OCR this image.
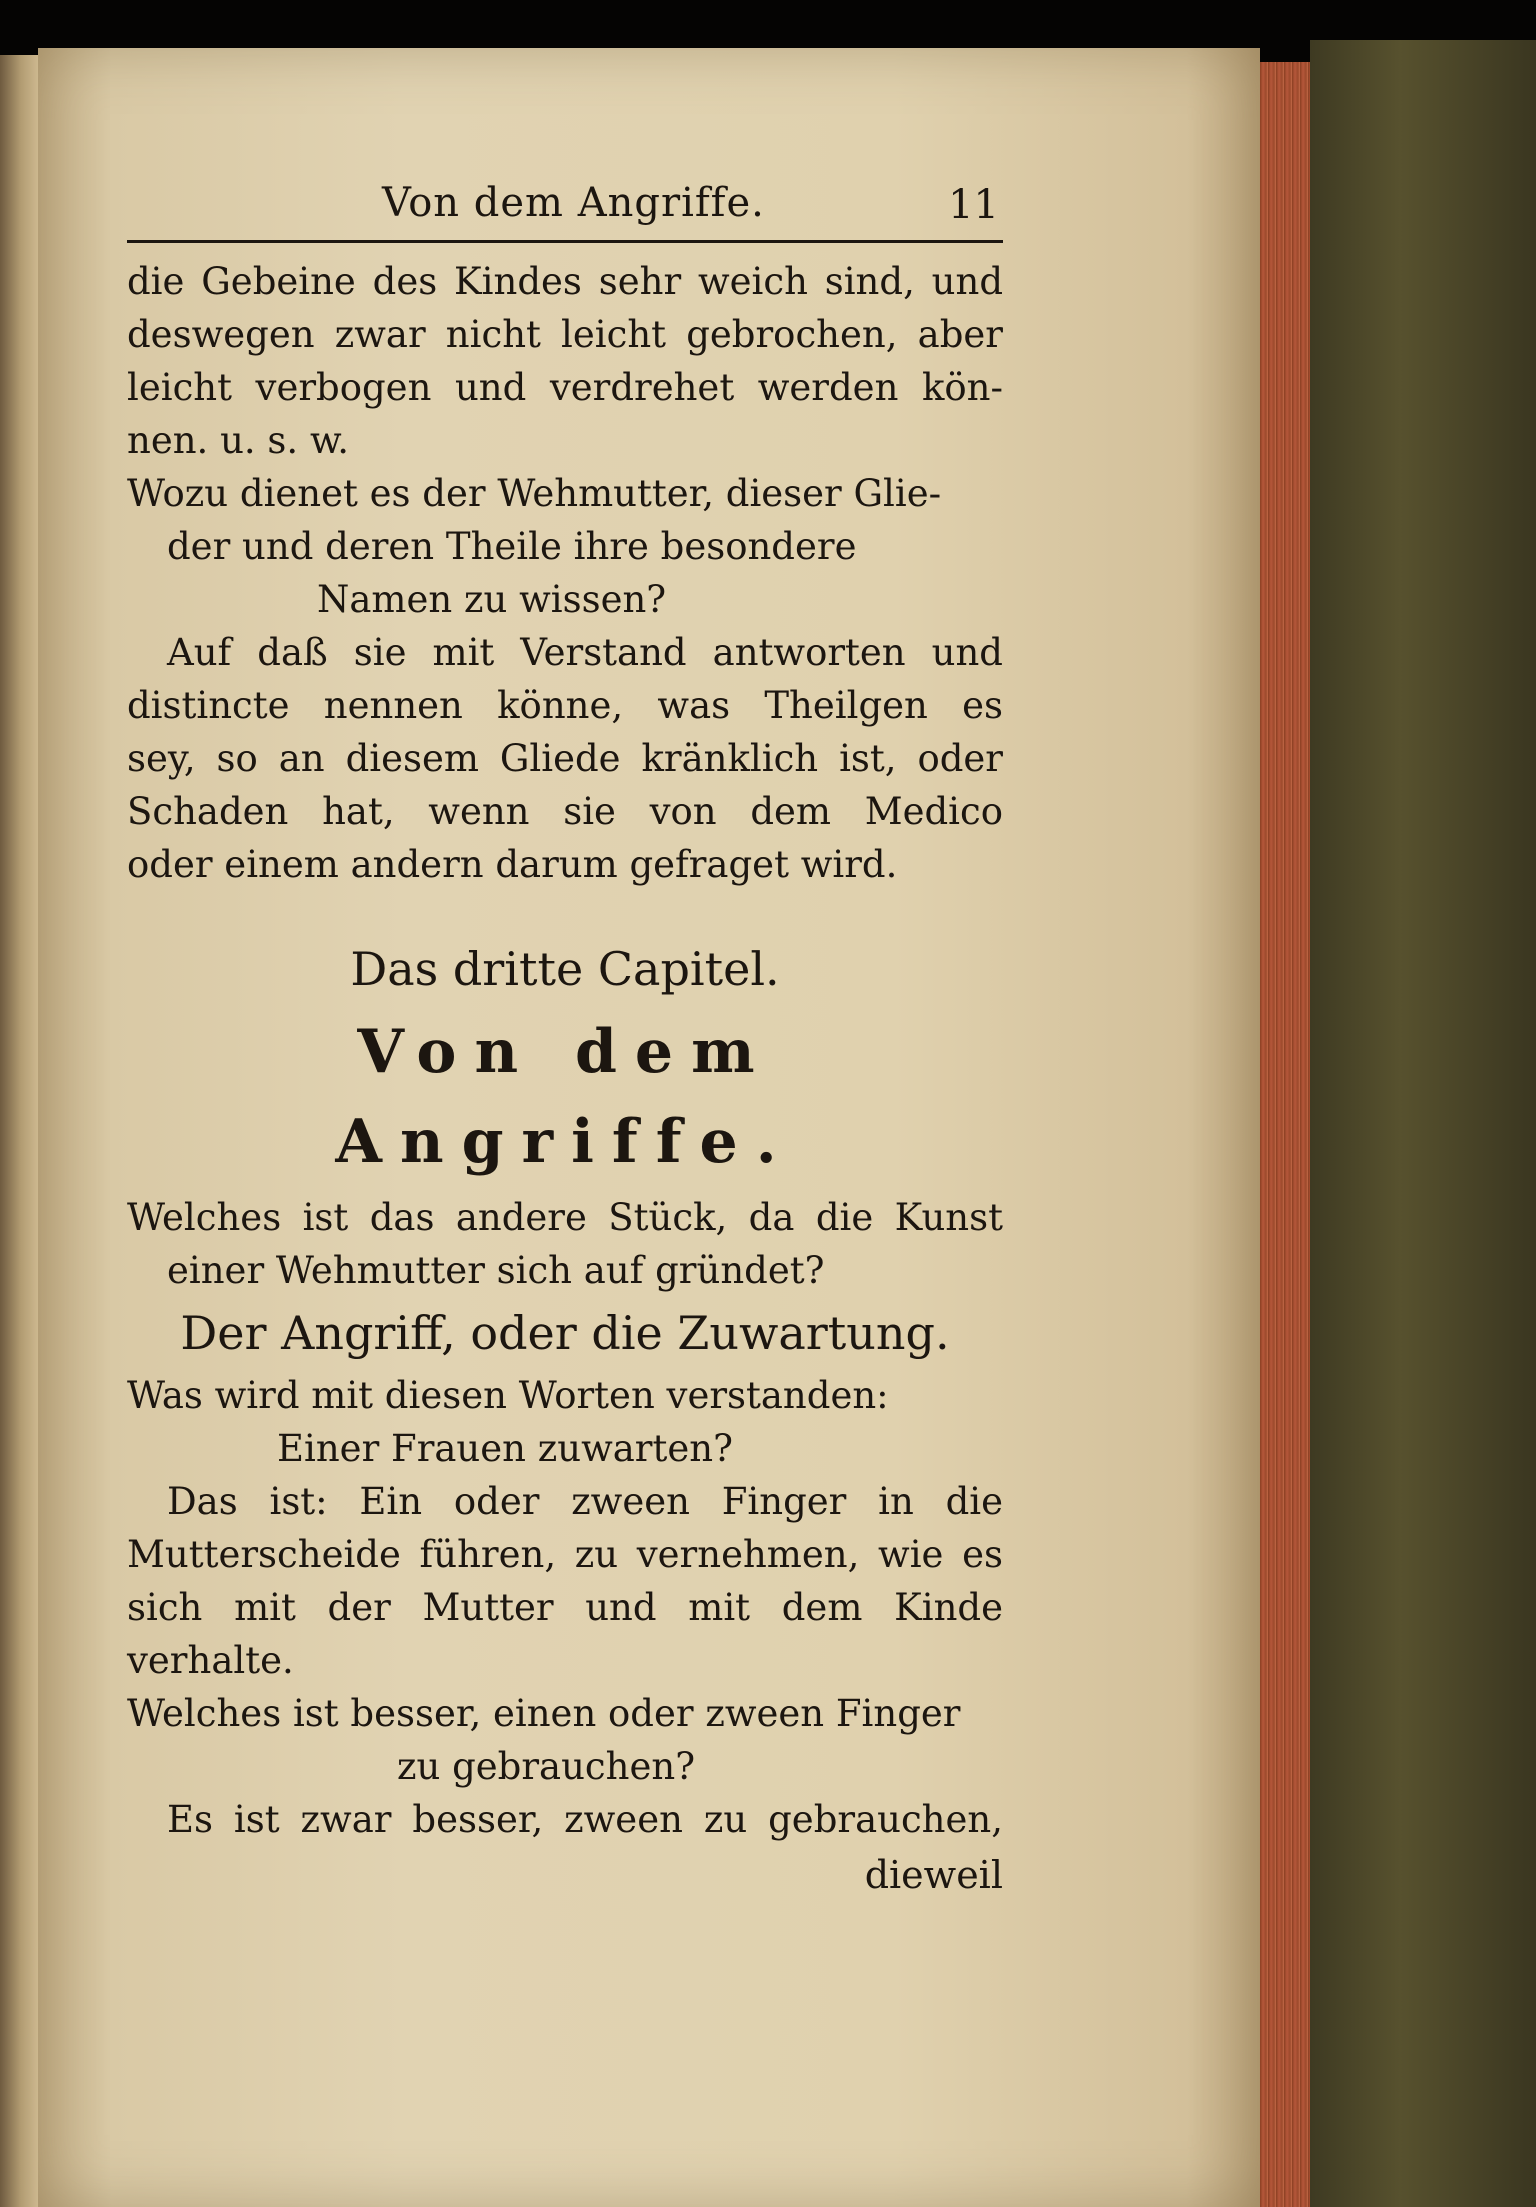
Von dem Angriffe.	11
die Gebeine des Kindes sehr weich sind, und
deswegen zwar nicht leicht gebrochen, aber
leicht verbogen und verdrehet werden kön-
nen. u. s. w.
Wozu dienet es der Wehmutter, dieser Glie-
der und deren Theile ihre besondere
Namen zu wissen?
Auf daß sie mit Verstand antworten und
distincte nennen könne, was Theilgen es
sey, so an diesem Gliede kränklich ist, oder
Schaden hat, wenn sie von dem Medico
oder einem andern darum gefraget wird.
Das dritte Capitel.
Von dem Angriffe.
Welches ist das andere Stück, da die Kunst
einer Wehmutter sich auf gründet?
Der Angriff, oder die Zuwartung.
Was wird mit diesen Worten verstanden:
Einer Frauen zuwarten?
Das ist: Ein oder zween Finger in die
Mutterscheide führen, zu vernehmen, wie es
sich mit der Mutter und mit dem Kinde
verhalte.
Welches ist besser, einen oder zween Finger
zu gebrauchen?
Es ist zwar besser, zween zu gebrauchen,
dieweil
